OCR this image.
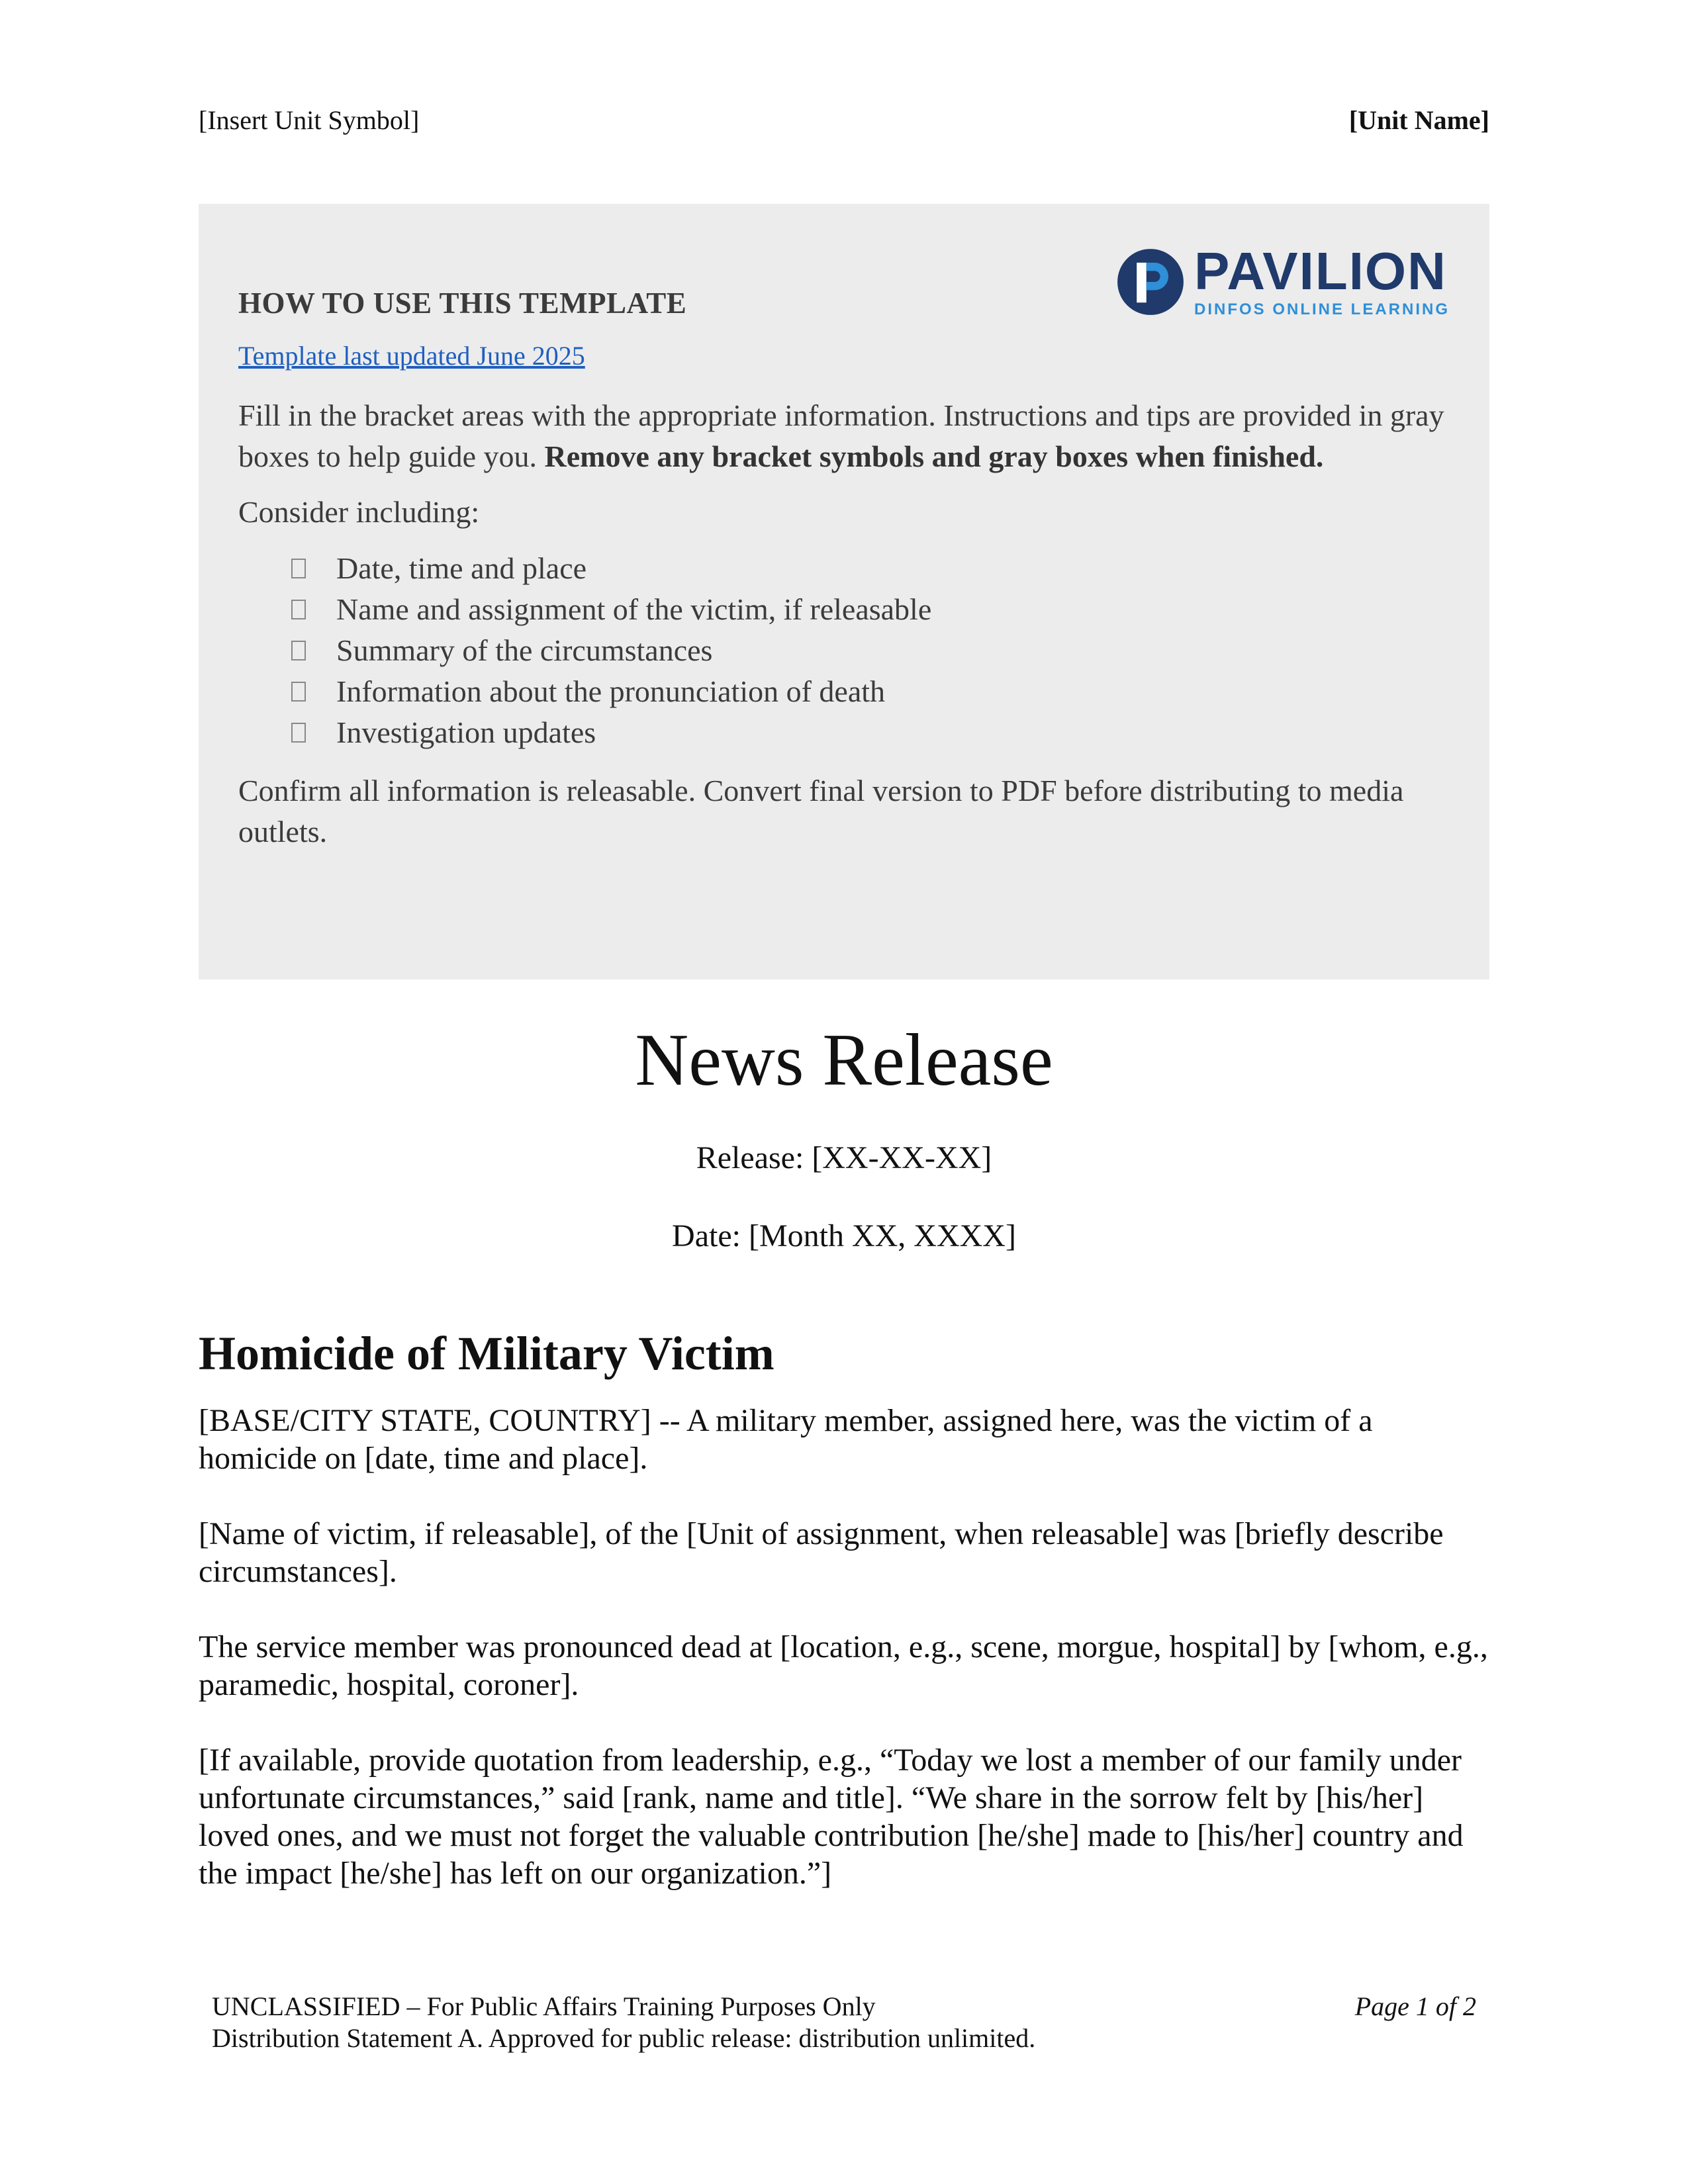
[Insert Unit Symbol]	[Unit Name]
PAVILION
DINFOS ONLINE LEARNING
HOW TO USE THIS TEMPLATE
Template last updated June 2025

Fill in the bracket areas with the appropriate information. Instructions and tips are provided in gray boxes to help guide you. Remove any bracket symbols and gray boxes when finished.

Consider including:

Date, time and place
Name and assignment of the victim, if releasable
Summary of the circumstances
Information about the pronunciation of death
Investigation updates

Confirm all information is releasable. Convert final version to PDF before distributing to media outlets.

News Release
Release: [XX-XX-XX]
Date: [Month XX, XXXX]
Homicide of Military Victim

[BASE/CITY STATE, COUNTRY] -- A military member, assigned here, was the victim of a homicide on [date, time and place].

[Name of victim, if releasable], of the [Unit of assignment, when releasable] was [briefly describe circumstances].

The service member was pronounced dead at [location, e.g., scene, morgue, hospital] by [whom, e.g., paramedic, hospital, coroner].

[If available, provide quotation from leadership, e.g., “Today we lost a member of our family under unfortunate circumstances,” said [rank, name and title]. “We share in the sorrow felt by [his/her] loved ones, and we must not forget the valuable contribution [he/she] made to [his/her] country and the impact [he/she] has left on our organization.”]

UNCLASSIFIED – For Public Affairs Training Purposes Only
Distribution Statement A. Approved for public release: distribution unlimited.
Page 1 of 2
